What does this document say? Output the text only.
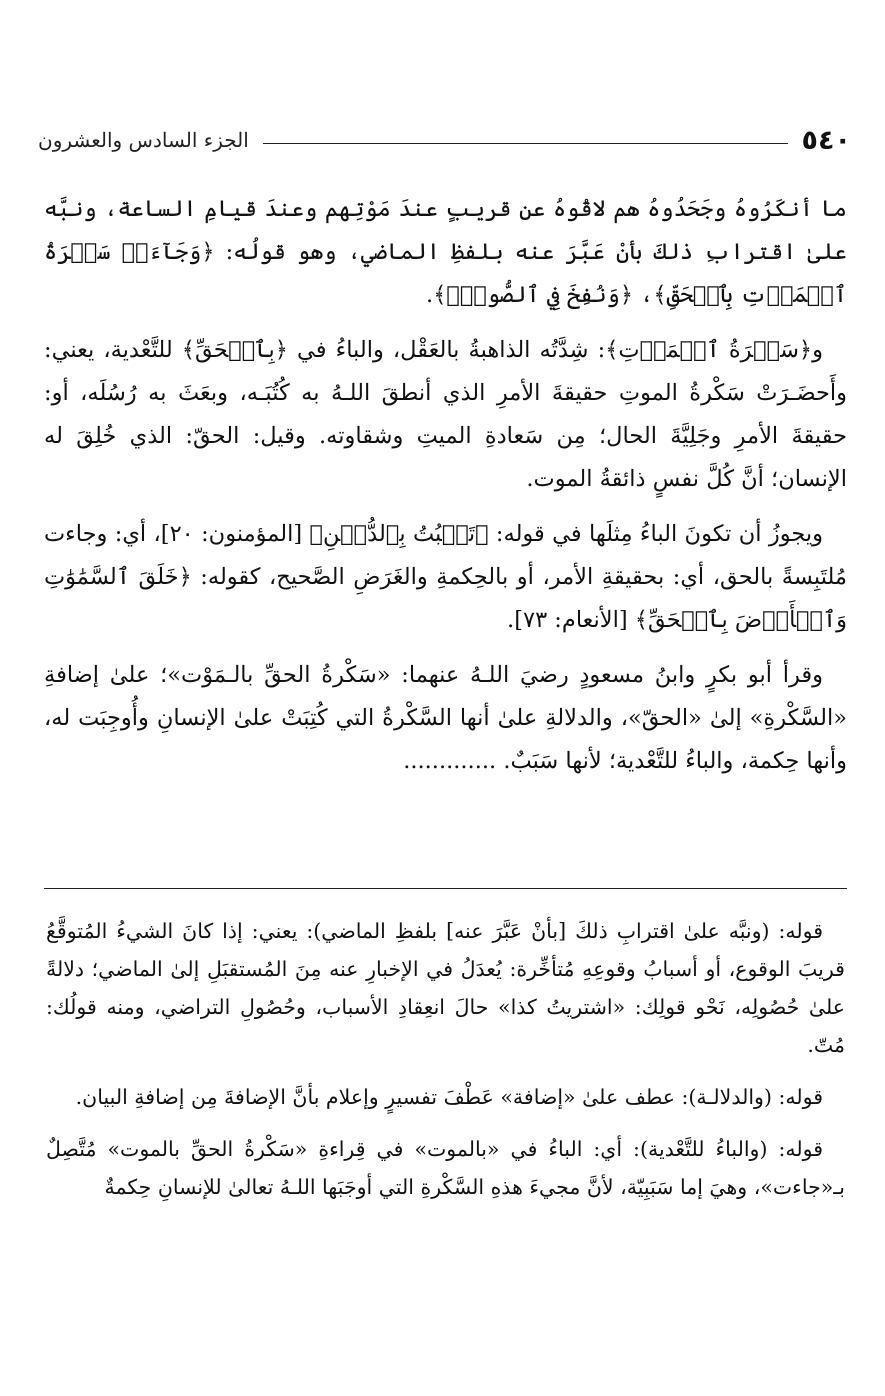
٥٤٠
الجزء السادس والعشرون

ما أنكَرُوهُ وجَحَدُوهُ هم لاقُوهُ عن قريبٍ عندَ مَوْتِهم وعندَ قيامِ الساعة، ونبَّه علىٰ اقترابِ ذلكَ بأنْ عَبَّرَ عنه بلفظِ الماضي، وهو قولُه: ﴿وَجَآءَتۡ سَكۡرَةُ ٱلۡمَوۡتِ بِٱلۡحَقِّ﴾، ﴿وَنُفِخَ فِي ٱلصُّورِۚ﴾.

و﴿سَكۡرَةُ ٱلۡمَوۡتِ﴾: شِدَّتُه الذاهبةُ بالعَقْل، والباءُ في ﴿بِٱلۡحَقِّ﴾ للتَّعْدية، يعني: وأَحضَـرَتْ سَكْرةُ الموتِ حقيقةَ الأمرِ الذي أنطقَ اللـهُ به كُتُبَـه، وبعَثَ به رُسُلَه، أو: حقيقةَ الأمرِ وجَلِيَّةَ الحال؛ مِن سَعادةِ الميتِ وشقاوته. وقيل: الحقّ: الذي خُلِقَ له الإنسان؛ أنَّ كُلَّ نفسٍ ذائقةُ الموت.

ويجوزُ أن تكونَ الباءُ مِثلَها في قوله: ﴿تَنۢبُتُ بِٱلدُّهۡنِ﴾ [المؤمنون: ٢٠]، أي: وجاءت مُلتَبِسةً بالحق، أي: بحقيقةِ الأمر، أو بالحِكمةِ والغَرَضِ الصَّحيح، كقوله: ﴿خَلَقَ ٱلسَّمَٰوَٰتِ وَٱلۡأَرۡضَ بِٱلۡحَقِّ﴾ [الأنعام: ٧٣].

وقرأ أبو بكرٍ وابنُ مسعودٍ رضيَ اللـهُ عنهما: «سَكْرةُ الحقِّ بالـمَوْت»؛ علىٰ إضافةِ «السَّكْرةِ» إلىٰ «الحقّ»، والدلالةِ علىٰ أنها السَّكْرةُ التي كُتِبَتْ علىٰ الإنسانِ وأُوجِبَت له، وأنها حِكمة، والباءُ للتَّعْدية؛ لأنها سَبَبٌ. .............

قوله: (ونبَّه علىٰ اقترابِ ذلكَ [بأنْ عَبَّرَ عنه] بلفظِ الماضي): يعني: إذا كانَ الشيءُ المُتوقَّعُ قريبَ الوقوع، أو أسبابُ وقوعِهِ مُتأخِّرة: يُعدَلُ في الإخبارِ عنه مِنَ المُستقبَلِ إلىٰ الماضي؛ دلالةً علىٰ حُصُولِه، نَحْو قولِك: «اشتريتُ كذا» حالَ انعِقادِ الأسباب، وحُصُولِ التراضي، ومنه قولُك: مُتّ.

قوله: (والدلالـة): عطف علىٰ «إضافة» عَطْفَ تفسيرٍ وإعلام بأنَّ الإضافةَ مِن إضافةِ البيان.

قوله: (والباءُ للتَّعْدية): أي: الباءُ في «بالموت» في قِراءةِ «سَكْرةُ الحقِّ بالموت» مُتَّصِلٌ بـ«جاءت»، وهيَ إما سَبَبِيّة، لأنَّ مجيءَ هذهِ السَّكْرةِ التي أوجَبَها اللـهُ تعالىٰ للإنسانِ حِكمةٌ
